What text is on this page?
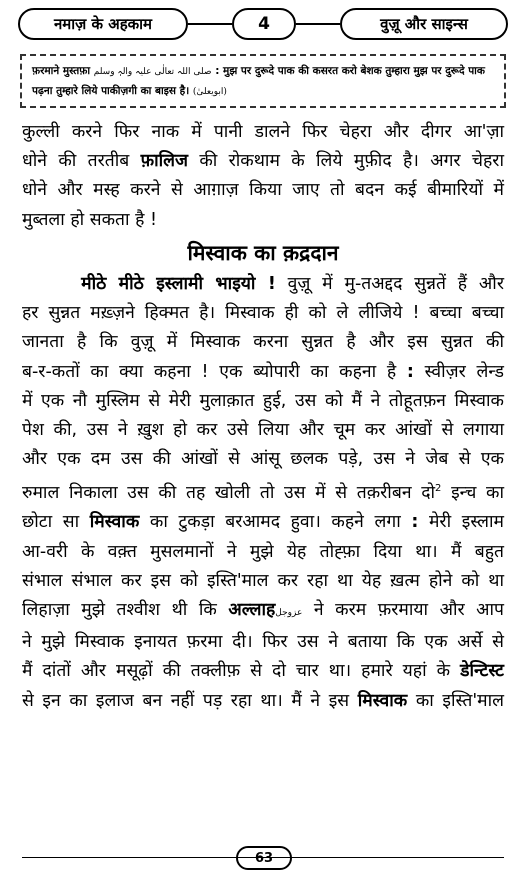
नमाज़ के अहकाम	4	वुज़ू और साइन्स
फ़रमाने मुस्तफ़ा صلی اللہ تعالٰی علیہ والہٖ وسلم : मुझ पर दुरूदे पाक की कसरत करो बेशक तुम्हारा मुझ पर दुरूदे पाक
पढ़ना तुम्हारे लिये पाकीज़गी का बाइस है। (ابویعلیٰ)
कुल्ली करने फिर नाक में पानी डालने फिर चेहरा और दीगर आ'ज़ा
धोने की तरतीब फ़ालिज की रोकथाम के लिये मुफ़ीद है। अगर चेहरा
धोने और मस्ह करने से आग़ाज़ किया जाए तो बदन कई बीमारियों में
मुब्तला हो सकता है !
मिस्वाक का क़द्रदान
मीठे मीठे इस्लामी भाइयो ! वुज़ू में मु-तअद्दद सुन्नतें हैं और
हर सुन्नत मख़्ज़ने हिक्मत है। मिस्वाक ही को ले लीजिये ! बच्चा बच्चा
जानता है कि वुज़ू में मिस्वाक करना सुन्नत है और इस सुन्नत की
ब-र-कतों का क्या कहना ! एक ब्योपारी का कहना है : स्वीज़र लेन्ड
में एक नौ मुस्लिम से मेरी मुलाक़ात हुई, उस को मैं ने तोहूतफ़न मिस्वाक
पेश की, उस ने ख़ुश हो कर उसे लिया और चूम कर आंखों से लगाया
और एक दम उस की आंखों से आंसू छलक पड़े, उस ने जेब से एक
रुमाल निकाला उस की तह खोली तो उस में से तक़रीबन दो$^2$ इन्च का
छोटा सा मिस्वाक का टुकड़ा बरआमद हुवा। कहने लगा : मेरी इस्लाम
आ-वरी के वक़्त मुसलमानों ने मुझे येह तोह्फ़ा दिया था। मैं बहुत
संभाल संभाल कर इस को इस्ति'माल कर रहा था येह ख़त्म होने को था
लिहाज़ा मुझे तश्वीश थी कि अल्लाहعزوجل ने करम फ़रमाया और आप
ने मुझे मिस्वाक इनायत फ़रमा दी। फिर उस ने बताया कि एक अर्से से
मैं दांतों और मसूढ़ों की तक्लीफ़ से दो चार था। हमारे यहां के डेन्टिस्ट
से इन का इलाज बन नहीं पड़ रहा था। मैं ने इस मिस्वाक का इस्ति'माल
63
